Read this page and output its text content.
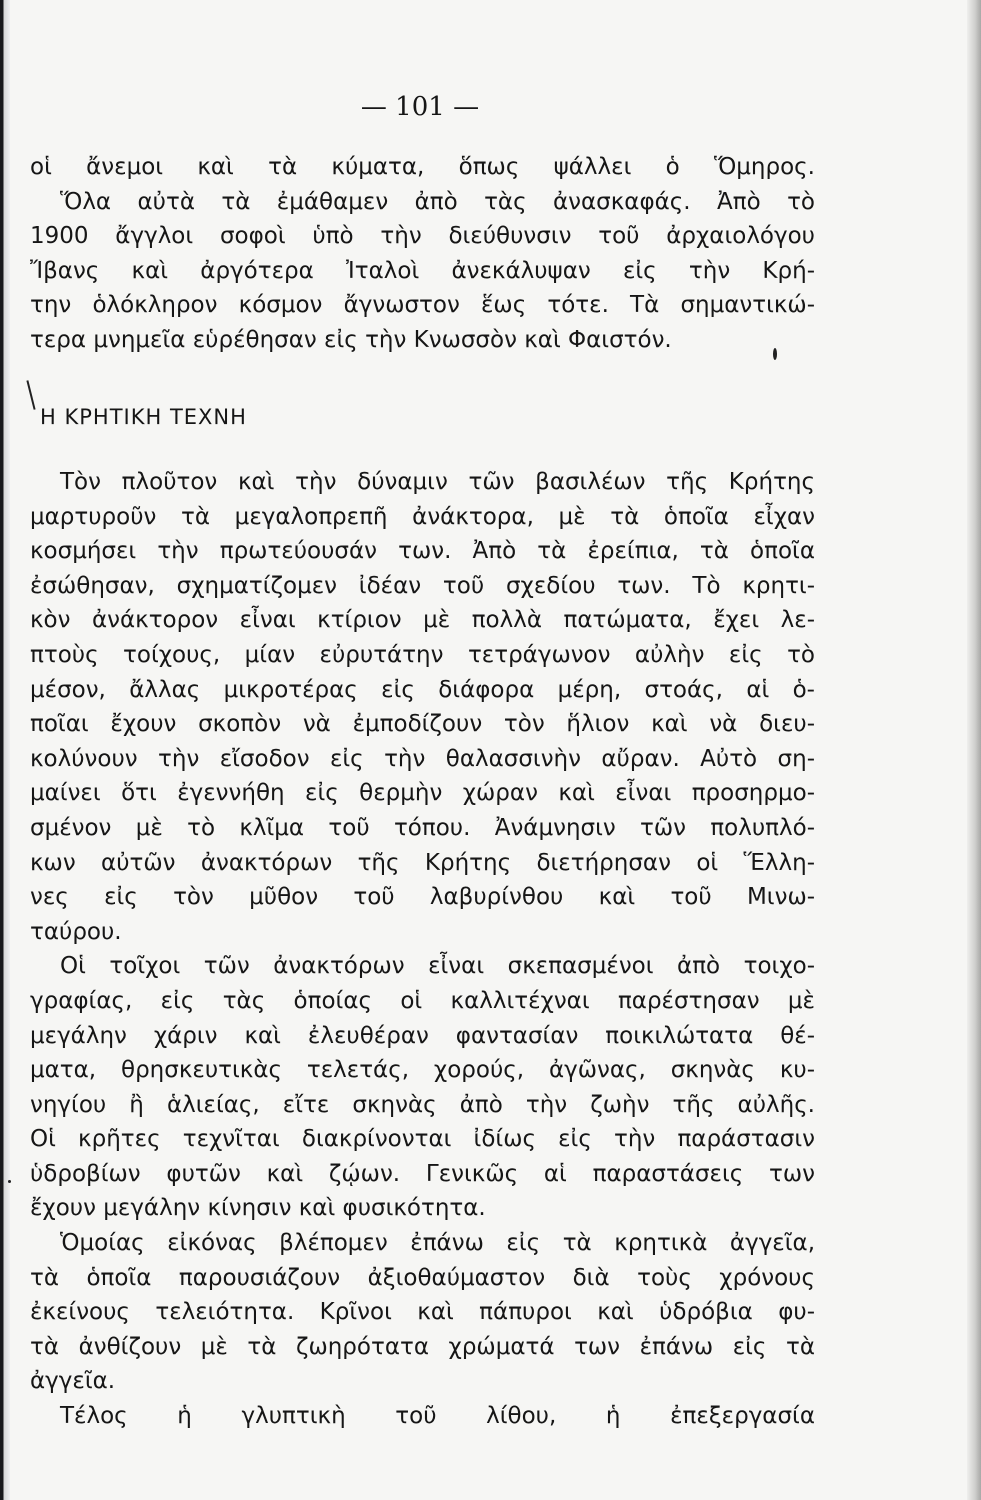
— 101 —
οἱ ἄνεμοι καὶ τὰ κύματα, ὅπως ψάλλει ὁ Ὅμηρος.
Ὅλα αὐτὰ τὰ ἐμάθαμεν ἀπὸ τὰς ἀνασκαφάς. Ἀπὸ τὸ
1900 ἄγγλοι σοφοὶ ὑπὸ τὴν διεύθυνσιν τοῦ ἀρχαιολόγου
Ἴβανς καὶ ἀργότερα Ἰταλοὶ ἀνεκάλυψαν εἰς τὴν Κρή-
την ὁλόκληρον κόσμον ἄγνωστον ἕως τότε. Τὰ σημαντικώ-
τερα μνημεῖα εὑρέθησαν εἰς τὴν Κνωσσὸν καὶ Φαιστόν.
Η ΚΡΗΤΙΚΗ ΤΕΧΝΗ
Τὸν πλοῦτον καὶ τὴν δύναμιν τῶν βασιλέων τῆς Κρήτης
μαρτυροῦν τὰ μεγαλοπρεπῆ ἀνάκτορα, μὲ τὰ ὁποῖα εἶχαν
κοσμήσει τὴν πρωτεύουσάν των. Ἀπὸ τὰ ἐρείπια, τὰ ὁποῖα
ἐσώθησαν, σχηματίζομεν ἰδέαν τοῦ σχεδίου των. Τὸ κρητι-
κὸν ἀνάκτορον εἶναι κτίριον μὲ πολλὰ πατώματα, ἔχει λε-
πτοὺς τοίχους, μίαν εὐρυτάτην τετράγωνον αὐλὴν εἰς τὸ
μέσον, ἄλλας μικροτέρας εἰς διάφορα μέρη, στοάς, αἱ ὁ-
ποῖαι ἔχουν σκοπὸν νὰ ἐμποδίζουν τὸν ἥλιον καὶ νὰ διευ-
κολύνουν τὴν εἴσοδον εἰς τὴν θαλασσινὴν αὔραν. Αὐτὸ ση-
μαίνει ὅτι ἐγεννήθη εἰς θερμὴν χώραν καὶ εἶναι προσηρμο-
σμένον μὲ τὸ κλῖμα τοῦ τόπου. Ἀνάμνησιν τῶν πολυπλό-
κων αὐτῶν ἀνακτόρων τῆς Κρήτης διετήρησαν οἱ Ἕλλη-
νες εἰς τὸν μῦθον τοῦ λαβυρίνθου καὶ τοῦ Μινω-
ταύρου.
Οἱ τοῖχοι τῶν ἀνακτόρων εἶναι σκεπασμένοι ἀπὸ τοιχο-
γραφίας, εἰς τὰς ὁποίας οἱ καλλιτέχναι παρέστησαν μὲ
μεγάλην χάριν καὶ ἐλευθέραν φαντασίαν ποικιλώτατα θέ-
ματα, θρησκευτικὰς τελετάς, χορούς, ἀγῶνας, σκηνὰς κυ-
νηγίου ἢ ἁλιείας, εἴτε σκηνὰς ἀπὸ τὴν ζωὴν τῆς αὐλῆς.
Οἱ κρῆτες τεχνῖται διακρίνονται ἰδίως εἰς τὴν παράστασιν
ὑδροβίων φυτῶν καὶ ζῴων. Γενικῶς αἱ παραστάσεις των
ἔχουν μεγάλην κίνησιν καὶ φυσικότητα.
Ὁμοίας εἰκόνας βλέπομεν ἐπάνω εἰς τὰ κρητικὰ ἀγγεῖα,
τὰ ὁποῖα παρουσιάζουν ἀξιοθαύμαστον διὰ τοὺς χρόνους
ἐκείνους τελειότητα. Κρῖνοι καὶ πάπυροι καὶ ὑδρόβια φυ-
τὰ ἀνθίζουν μὲ τὰ ζωηρότατα χρώματά των ἐπάνω εἰς τὰ
ἀγγεῖα.
Τέλος ἡ γλυπτικὴ τοῦ λίθου, ἡ ἐπεξεργασία
